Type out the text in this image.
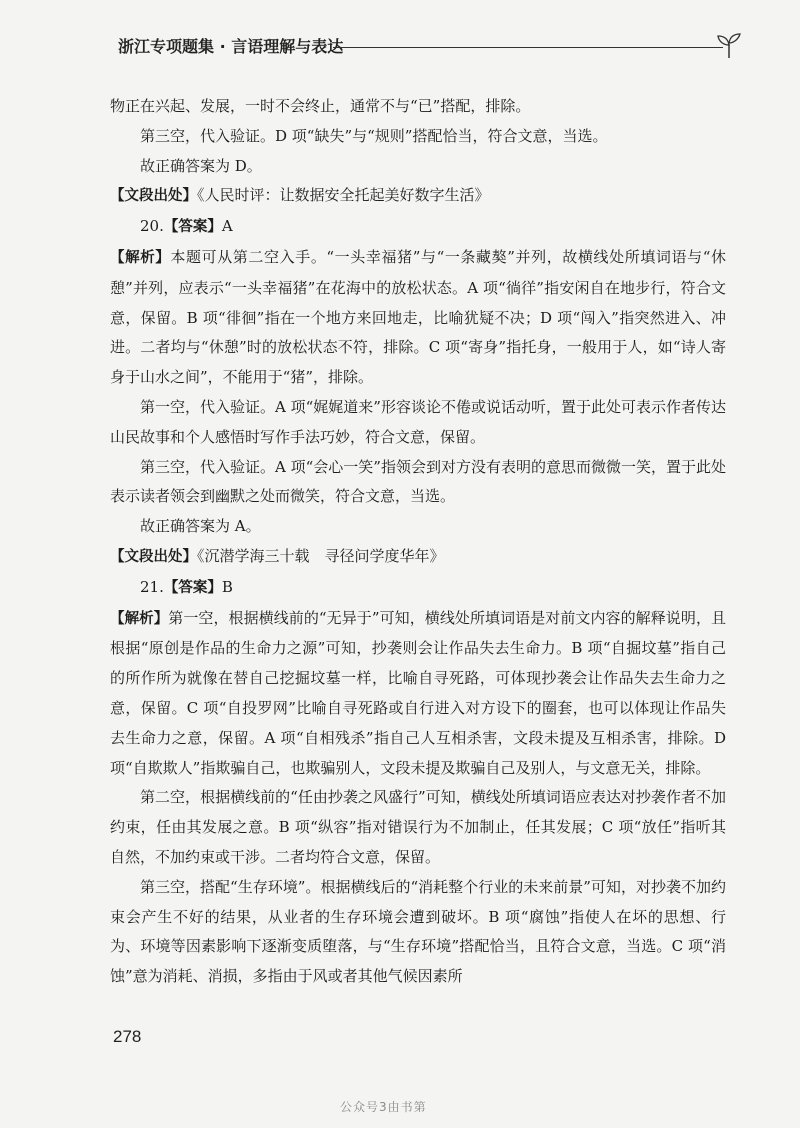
浙江专项题集 · 言语理解与表达

物正在兴起、发展，一时不会终止，通常不与“已”搭配，排除。

第三空，代入验证。D 项“缺失”与“规则”搭配恰当，符合文意，当选。

故正确答案为 D。

【文段出处】《人民时评：让数据安全托起美好数字生活》

20.【答案】A

【解析】本题可从第二空入手。“一头幸福猪”与“一条藏獒”并列，故横线处所填词语与“休憩”并列，应表示“一头幸福猪”在花海中的放松状态。A 项“徜徉”指安闲自在地步行，符合文意，保留。B 项“徘徊”指在一个地方来回地走，比喻犹疑不决；D 项“闯入”指突然进入、冲进。二者均与“休憩”时的放松状态不符，排除。C 项“寄身”指托身，一般用于人，如“诗人寄身于山水之间”，不能用于“猪”，排除。

第一空，代入验证。A 项“娓娓道来”形容谈论不倦或说话动听，置于此处可表示作者传达山民故事和个人感悟时写作手法巧妙，符合文意，保留。

第三空，代入验证。A 项“会心一笑”指领会到对方没有表明的意思而微微一笑，置于此处表示读者领会到幽默之处而微笑，符合文意，当选。

故正确答案为 A。

【文段出处】《沉潜学海三十载　寻径问学度华年》

21.【答案】B

【解析】第一空，根据横线前的“无异于”可知，横线处所填词语是对前文内容的解释说明，且根据“原创是作品的生命力之源”可知，抄袭则会让作品失去生命力。B 项“自掘坟墓”指自己的所作所为就像在替自己挖掘坟墓一样，比喻自寻死路，可体现抄袭会让作品失去生命力之意，保留。C 项“自投罗网”比喻自寻死路或自行进入对方设下的圈套，也可以体现让作品失去生命力之意，保留。A 项“自相残杀”指自己人互相杀害，文段未提及互相杀害，排除。D 项“自欺欺人”指欺骗自己，也欺骗别人，文段未提及欺骗自己及别人，与文意无关，排除。

第二空，根据横线前的“任由抄袭之风盛行”可知，横线处所填词语应表达对抄袭作者不加约束，任由其发展之意。B 项“纵容”指对错误行为不加制止，任其发展；C 项“放任”指听其自然，不加约束或干涉。二者均符合文意，保留。

第三空，搭配“生存环境”。根据横线后的“消耗整个行业的未来前景”可知，对抄袭不加约束会产生不好的结果，从业者的生存环境会遭到破坏。B 项“腐蚀”指使人在坏的思想、行为、环境等因素影响下逐渐变质堕落，与“生存环境”搭配恰当，且符合文意，当选。C 项“消蚀”意为消耗、消损，多指由于风或者其他气候因素所

278
公众号3由书第
